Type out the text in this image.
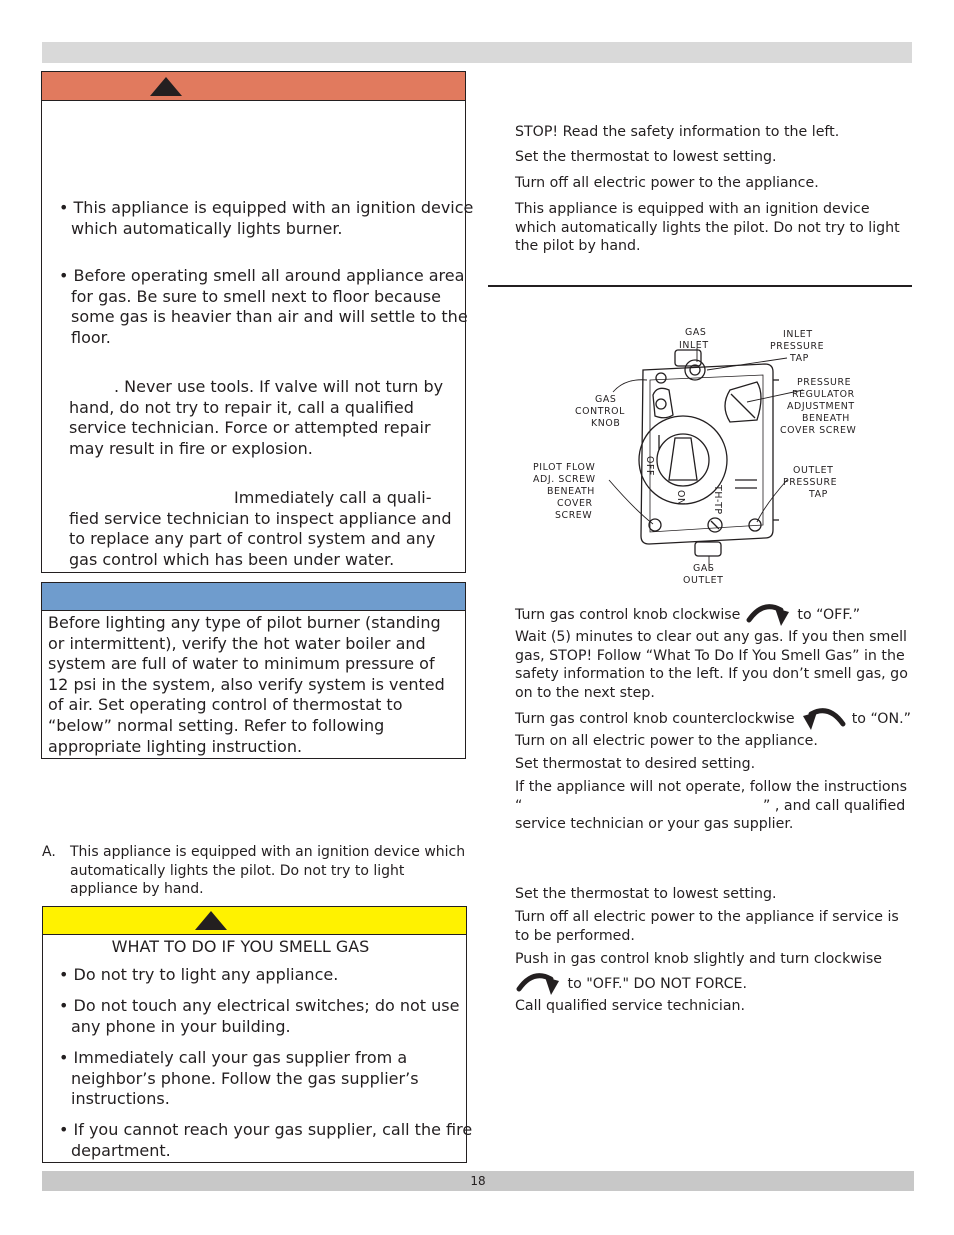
18
• This appliance is equipped with an ignition device which automatically lights burner.
• Before operating smell all around appliance area for gas. Be sure to smell next to floor because some gas is heavier than air and will settle to the floor.
. Never use tools. If valve will not turn by
hand, do not try to repair it, call a qualified service technician. Force or attempted repair may result in fire or explosion.
Immediately call a quali-
fied service technician to inspect appliance and to replace any part of control system and any gas control which has been under water.
Before lighting any type of pilot burner (standing or intermittent), verify the hot water boiler and system are full of water to minimum pressure of 12 psi in the system, also verify system is vented of air. Set operating control of thermostat to “below” normal setting. Refer to following appropriate lighting instruction.
A. This appliance is equipped with an ignition device which automatically lights the pilot. Do not try to light appliance by hand.
WHAT TO DO IF YOU SMELL GAS
• Do not try to light any appliance.
• Do not touch any electrical switches; do not use any phone in your building.
• Immediately call your gas supplier from a neighbor’s phone. Follow the gas supplier’s instructions.
• If you cannot reach your gas supplier, call the fire department.
STOP! Read the safety information to the left.
Set the thermostat to lowest setting.
Turn off all electric power to the appliance.
This appliance is equipped with an ignition device which automatically lights the pilot. Do not try to light the pilot by hand.
GAS
INLET
INLET
PRESSURE
TAP
GAS
CONTROL
KNOB
PRESSURE
REGULATOR
ADJUSTMENT
BENEATH
COVER SCREW
PILOT FLOW
ADJ. SCREW
BENEATH
COVER
SCREW
OUTLET
PRESSURE
TAP
GAS
OUTLET
OFF
ON	TH-TP
Turn gas control knob clockwise	to “OFF.”
Wait (5) minutes to clear out any gas. If you then smell gas, STOP! Follow “What To Do If You Smell Gas” in the safety information to the left. If you don’t smell gas, go on to the next step.
Turn gas control knob counterclockwise	to “ON.”
Turn on all electric power to the appliance.
Set thermostat to desired setting.
If the appliance will not operate, follow the instructions
“	” , and call qualified
service technician or your gas supplier.
Set the thermostat to lowest setting.
Turn off all electric power to the appliance if service is to be performed.
Push in gas control knob slightly and turn clockwise
to "OFF." DO NOT FORCE.
Call qualified service technician.
